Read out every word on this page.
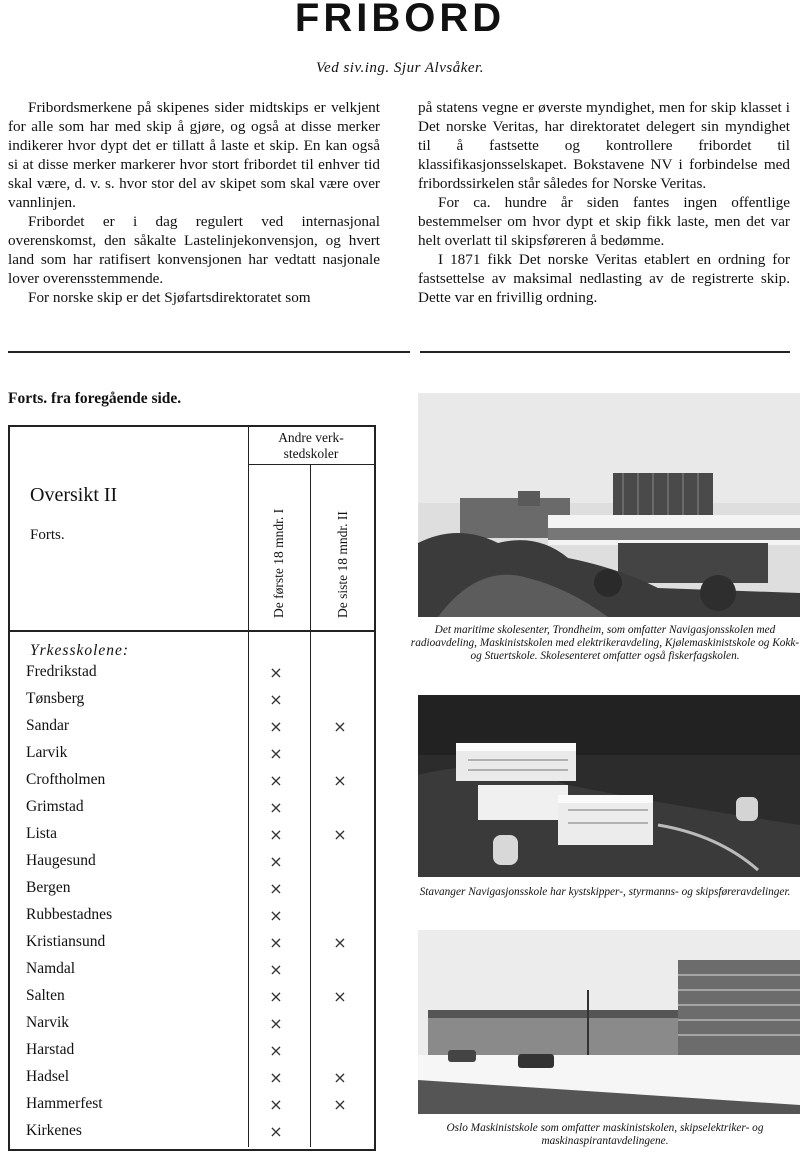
FRIBORD
Ved siv.ing. Sjur Alvsåker.

Fribordsmerkene på skipenes sider midtskips er velkjent for alle som har med skip å gjøre, og også at disse merker indikerer hvor dypt det er tillatt å laste et skip. En kan også si at disse merker markerer hvor stort fribordet til enhver tid skal være, d. v. s. hvor stor del av skipet som skal være over vannlinjen.

Fribordet er i dag regulert ved internasjonal overenskomst, den såkalte Lastelinjekonvensjon, og hvert land som har ratifisert konvensjonen har vedtatt nasjonale lover overensstemmende.

For norske skip er det Sjøfartsdirektoratet som

på statens vegne er øverste myndighet, men for skip klasset i Det norske Veritas, har direktoratet delegert sin myndighet til å fastsette og kontrollere fribordet til klassifikasjonsselskapet. Bokstavene NV i forbindelse med fribordssirkelen står således for Norske Veritas.

For ca. hundre år siden fantes ingen offentlige bestemmelser om hvor dypt et skip fikk laste, men det var helt overlatt til skipsføreren å bedømme.

I 1871 fikk Det norske Veritas etablert en ordning for fastsettelse av maksimal nedlasting av de registrerte skip. Dette var en frivillig ordning.

Forts. fra foregående side.
Andre verk-
stedskoler
Oversikt II
Forts.	De første 18 mndr. I	De siste 18 mndr. II
Yrkesskolene:
Fredrikstad	×
Tønsberg	×
Sandar	×	×
Larvik	×
Croftholmen	×	×
Grimstad	×
Lista	×	×
Haugesund	×
Bergen	×
Rubbestadnes	×
Kristiansund	×	×
Namdal	×
Salten	×	×
Narvik	×
Harstad	×
Hadsel	×	×
Hammerfest	×	×
Kirkenes	×
Det maritime skolesenter, Trondheim, som omfatter Navigasjonsskolen med radioavdeling, Maskinistskolen med elektrikeravdeling, Kjølemaskinistskole og Kokk- og Stuertskole. Skolesenteret omfatter også fiskerfagskolen.
Stavanger Navigasjonsskole har kystskipper-, styrmanns- og skipsføreravdelinger.
Oslo Maskinistskole som omfatter maskinistskolen, skipselektriker- og maskinaspirantavdelingene.
